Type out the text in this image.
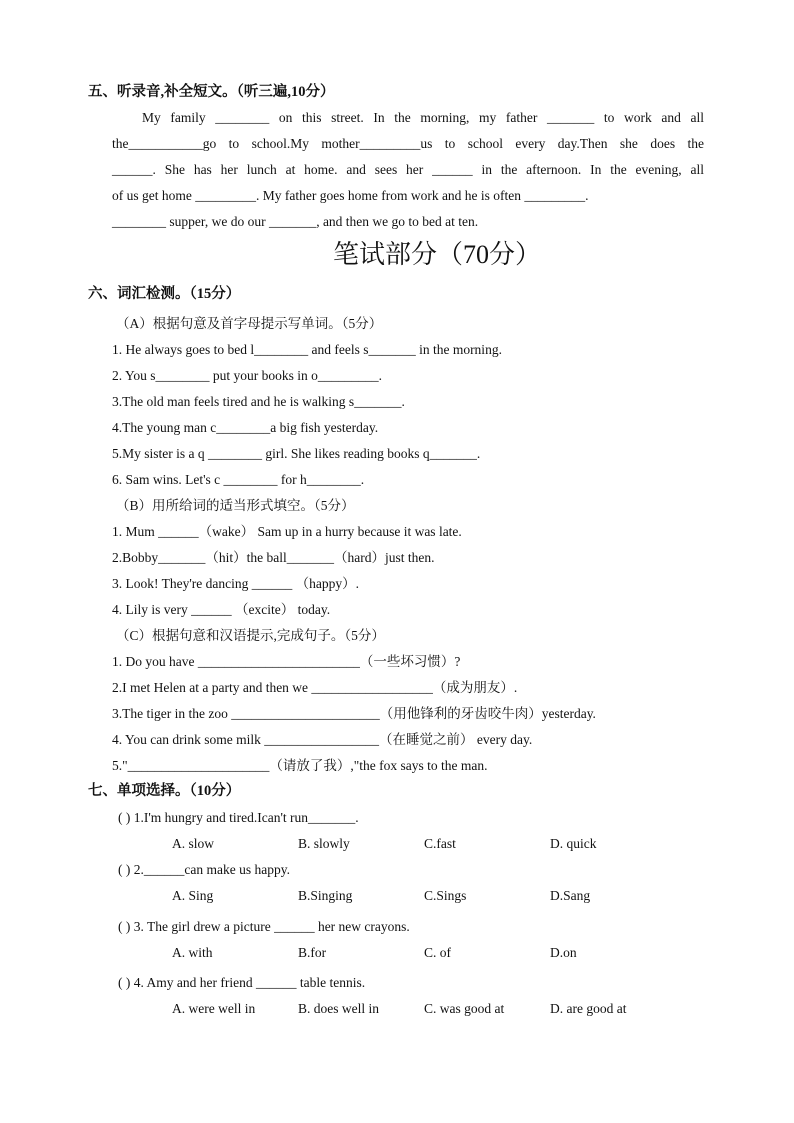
五、听录音,补全短文。（听三遍,10分）
My family ________ on this street. In the morning, my father _______ to work and all
the___________go to school.My mother_________us to school every day.Then she does the
______. She has her lunch at home. and sees her ______ in the afternoon. In the evening, all
of us get home _________. My father goes home from work and he is often _________.
________ supper, we do our _______, and then we go to bed at ten.
笔试部分（70分）
六、词汇检测。（15分）
（A）根据句意及首字母提示写单词。（5分）
1. He always goes to bed l________ and feels s_______ in the morning.
2. You s________ put your books in o_________.
3.The old man feels tired and he is walking s_______.
4.The young man c________a big fish yesterday.
5.My sister is a q ________ girl. She likes reading books q_______.
6. Sam wins. Let's c ________ for h________.
（B）用所给词的适当形式填空。（5分）
1. Mum ______（wake） Sam up in a hurry because it was late.
2.Bobby_______（hit）the ball_______（hard）just then.
3. Look! They're dancing ______ （happy）.
4. Lily is very ______ （excite） today.
（C）根据句意和汉语提示,完成句子。（5分）
1. Do you have ________________________（一些坏习惯）?
2.I met Helen at a party and then we __________________（成为朋友）.
3.The tiger in the zoo ______________________（用他锋利的牙齿咬牛肉）yesterday.
4. You can drink some milk _________________（在睡觉之前） every day.
5."_____________________（请放了我）,"the fox says to the man.
七、单项选择。（10分）
( ) 1.I'm hungry and tired.Ican't run_______.
A. slow	B. slowly	C.fast	D. quick
( ) 2.______can make us happy.
A. Sing	B.Singing	C.Sings	D.Sang
( ) 3. The girl drew a picture ______ her new crayons.
A. with	B.for	C. of	D.on
( ) 4. Amy and her friend ______ table tennis.
A. were well in	B. does well in	C. was good at	D. are good at
